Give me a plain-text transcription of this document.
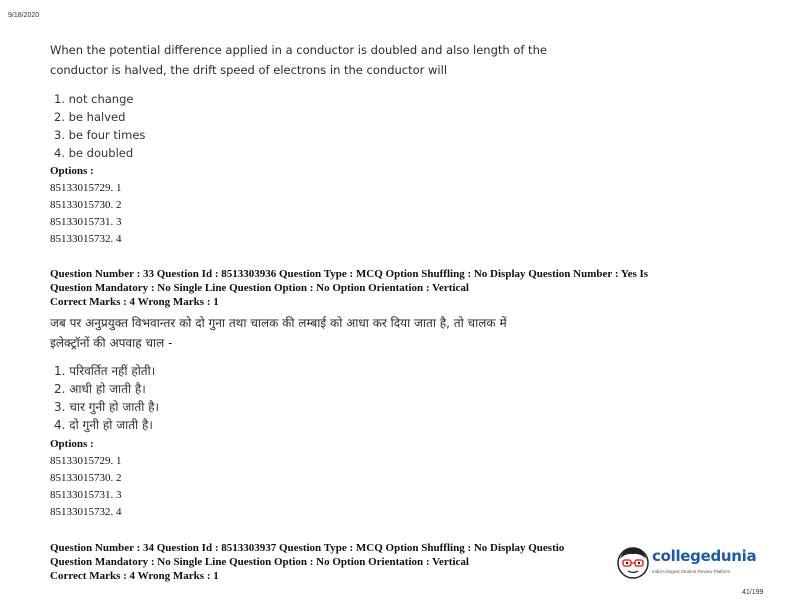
9/18/2020
When the potential difference applied in a conductor is doubled and also length of the
conductor is halved, the drift speed of electrons in the conductor will
1. not change
2. be halved
3. be four times
4. be doubled
Options :
85133015729. 1
85133015730. 2
85133015731. 3
85133015732. 4
Question Number : 33 Question Id : 8513303936 Question Type : MCQ Option Shuffling : No Display Question Number : Yes Is
Question Mandatory : No Single Line Question Option : No Option Orientation : Vertical
Correct Marks : 4 Wrong Marks : 1
जब पर अनुप्रयुक्त विभवान्तर को दो गुना तथा चालक की लम्बाई को आधा कर दिया जाता है, तो चालक में
इलेक्ट्रॉनों की अपवाह चाल -
1. परिवर्तित नहीं होती।
2. आधी हो जाती है।
3. चार गुनी हो जाती है।
4. दो गुनी हो जाती है।
Options :
85133015729. 1
85133015730. 2
85133015731. 3
85133015732. 4
Question Number : 34 Question Id : 8513303937 Question Type : MCQ Option Shuffling : No Display Questio
Question Mandatory : No Single Line Question Option : No Option Orientation : Vertical
Correct Marks : 4 Wrong Marks : 1
collegedunia
India's largest Student Review Platform
41/199
